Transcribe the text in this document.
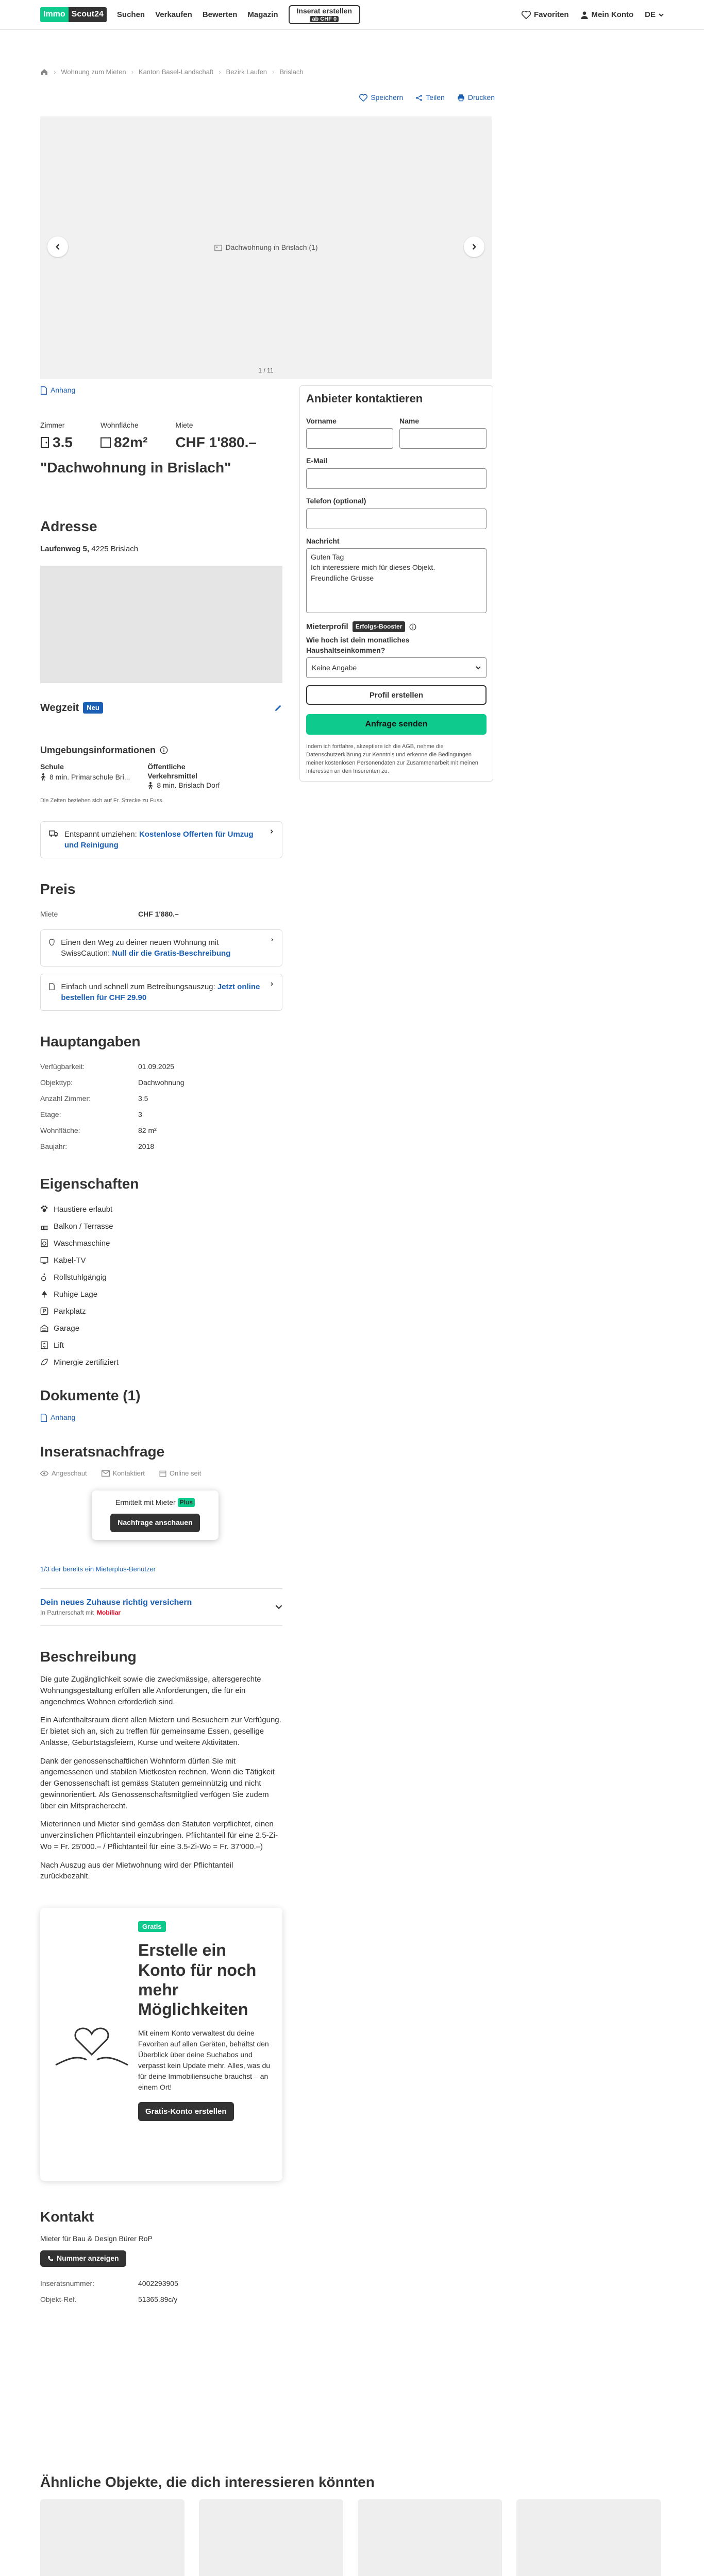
Immo Scout24	Suchen Verkaufen Bewerten Magazin	Inserat erstellen
ab CHF 0	Favoriten	Mein Konto DE
› Wohnung zum Mieten › Kanton Basel-Landschaft › Bezirk Laufen › Brislach
Speichern	Teilen	Drucken
Dachwohnung in Brislach (1)
1 / 11
Anhang
Zimmer
3.5
Wohnfläche
82m²
Miete
CHF 1'880.–
"Dachwohnung in Brislach"
Adresse
Laufenweg 5, 4225 Brislach
Wegzeit	Neu
Umgebungsinformationen
Schule
8 min. Primarschule Bri...
Öffentliche Verkehrsmittel
8 min. Brislach Dorf
Die Zeiten beziehen sich auf Fr. Strecke zu Fuss.
Entspannt umziehen: Kostenlose Offerten für Umzug und Reinigung
Preis
Miete	CHF 1'880.–
Einen den Weg zu deiner neuen Wohnung mit SwissCaution: Null dir die Gratis-Beschreibung
Einfach und schnell zum Betreibungsauszug: Jetzt online bestellen für CHF 29.90
Hauptangaben
Verfügbarkeit:	01.09.2025
Objekttyp:	Dachwohnung
Anzahl Zimmer:	3.5
Etage:	3
Wohnfläche:	82 m²
Baujahr:	2018
Eigenschaften
Haustiere erlaubt
Balkon / Terrasse
Waschmaschine
Kabel-TV
Rollstuhlgängig
Ruhige Lage
Parkplatz
Garage
Lift
Minergie zertifiziert
Dokumente (1)
Anhang
Inseratsnachfrage
Angeschaut	Kontaktiert	Online seit
Ermittelt mit Mieter Plus
Nachfrage anschauen
1/3 der bereits ein Mieterplus-Benutzer
Dein neues Zuhause richtig versichern
In Partnerschaft mit Mobiliar
Beschreibung

Die gute Zugänglichkeit sowie die zweckmässige, altersgerechte Wohnungsgestaltung erfüllen alle Anforderungen, die für ein angenehmes Wohnen erforderlich sind.

Ein Aufenthaltsraum dient allen Mietern und Besuchern zur Verfügung. Er bietet sich an, sich zu treffen für gemeinsame Essen, gesellige Anlässe, Geburtstagsfeiern, Kurse und weitere Aktivitäten.

Dank der genossenschaftlichen Wohnform dürfen Sie mit angemessenen und stabilen Mietkosten rechnen. Wenn die Tätigkeit der Genossenschaft ist gemäss Statuten gemeinnützig und nicht gewinnorientiert. Als Genossenschaftsmitglied verfügen Sie zudem über ein Mitspracherecht.

Mieterinnen und Mieter sind gemäss den Statuten verpflichtet, einen unverzinslichen Pflichtanteil einzubringen. Pflichtanteil für eine 2.5-Zi-Wo = Fr. 25'000.– / Pflichtanteil für eine 3.5-Zi-Wo = Fr. 37'000.–)

Nach Auszug aus der Mietwohnung wird der Pflichtanteil zurückbezahlt.

Gratis
Erstelle ein Konto für noch mehr Möglichkeiten
Mit einem Konto verwaltest du deine Favoriten auf allen Geräten, behältst den Überblick über deine Suchabos und verpasst kein Update mehr. Alles, was du für deine Immobiliensuche brauchst – an einem Ort!
Gratis-Konto erstellen
Kontakt
Mieter für Bau & Design Bürer RoP
Nummer anzeigen
Inseratsnummer:	4002293905
Objekt-Ref.	51365.89c/y
Anbieter kontaktieren
Vorname	Name
E-Mail
Telefon (optional)
Nachricht
Guten Tag
Ich interessiere mich für dieses Objekt.
Freundliche Grüsse
Mieterprofil	Erfolgs-Booster
Wie hoch ist dein monatliches Haushaltseinkommen?
Keine Angabe
Profil erstellen
Anfrage senden
Indem ich fortfahre, akzeptiere ich die AGB, nehme die Datenschutzerklärung zur Kenntnis und erkenne die Bedingungen meiner kostenlosen Personendaten zur Zusammenarbeit mit meinen Interessen an den Inserenten zu.
Ähnliche Objekte, die dich interessieren könnten
